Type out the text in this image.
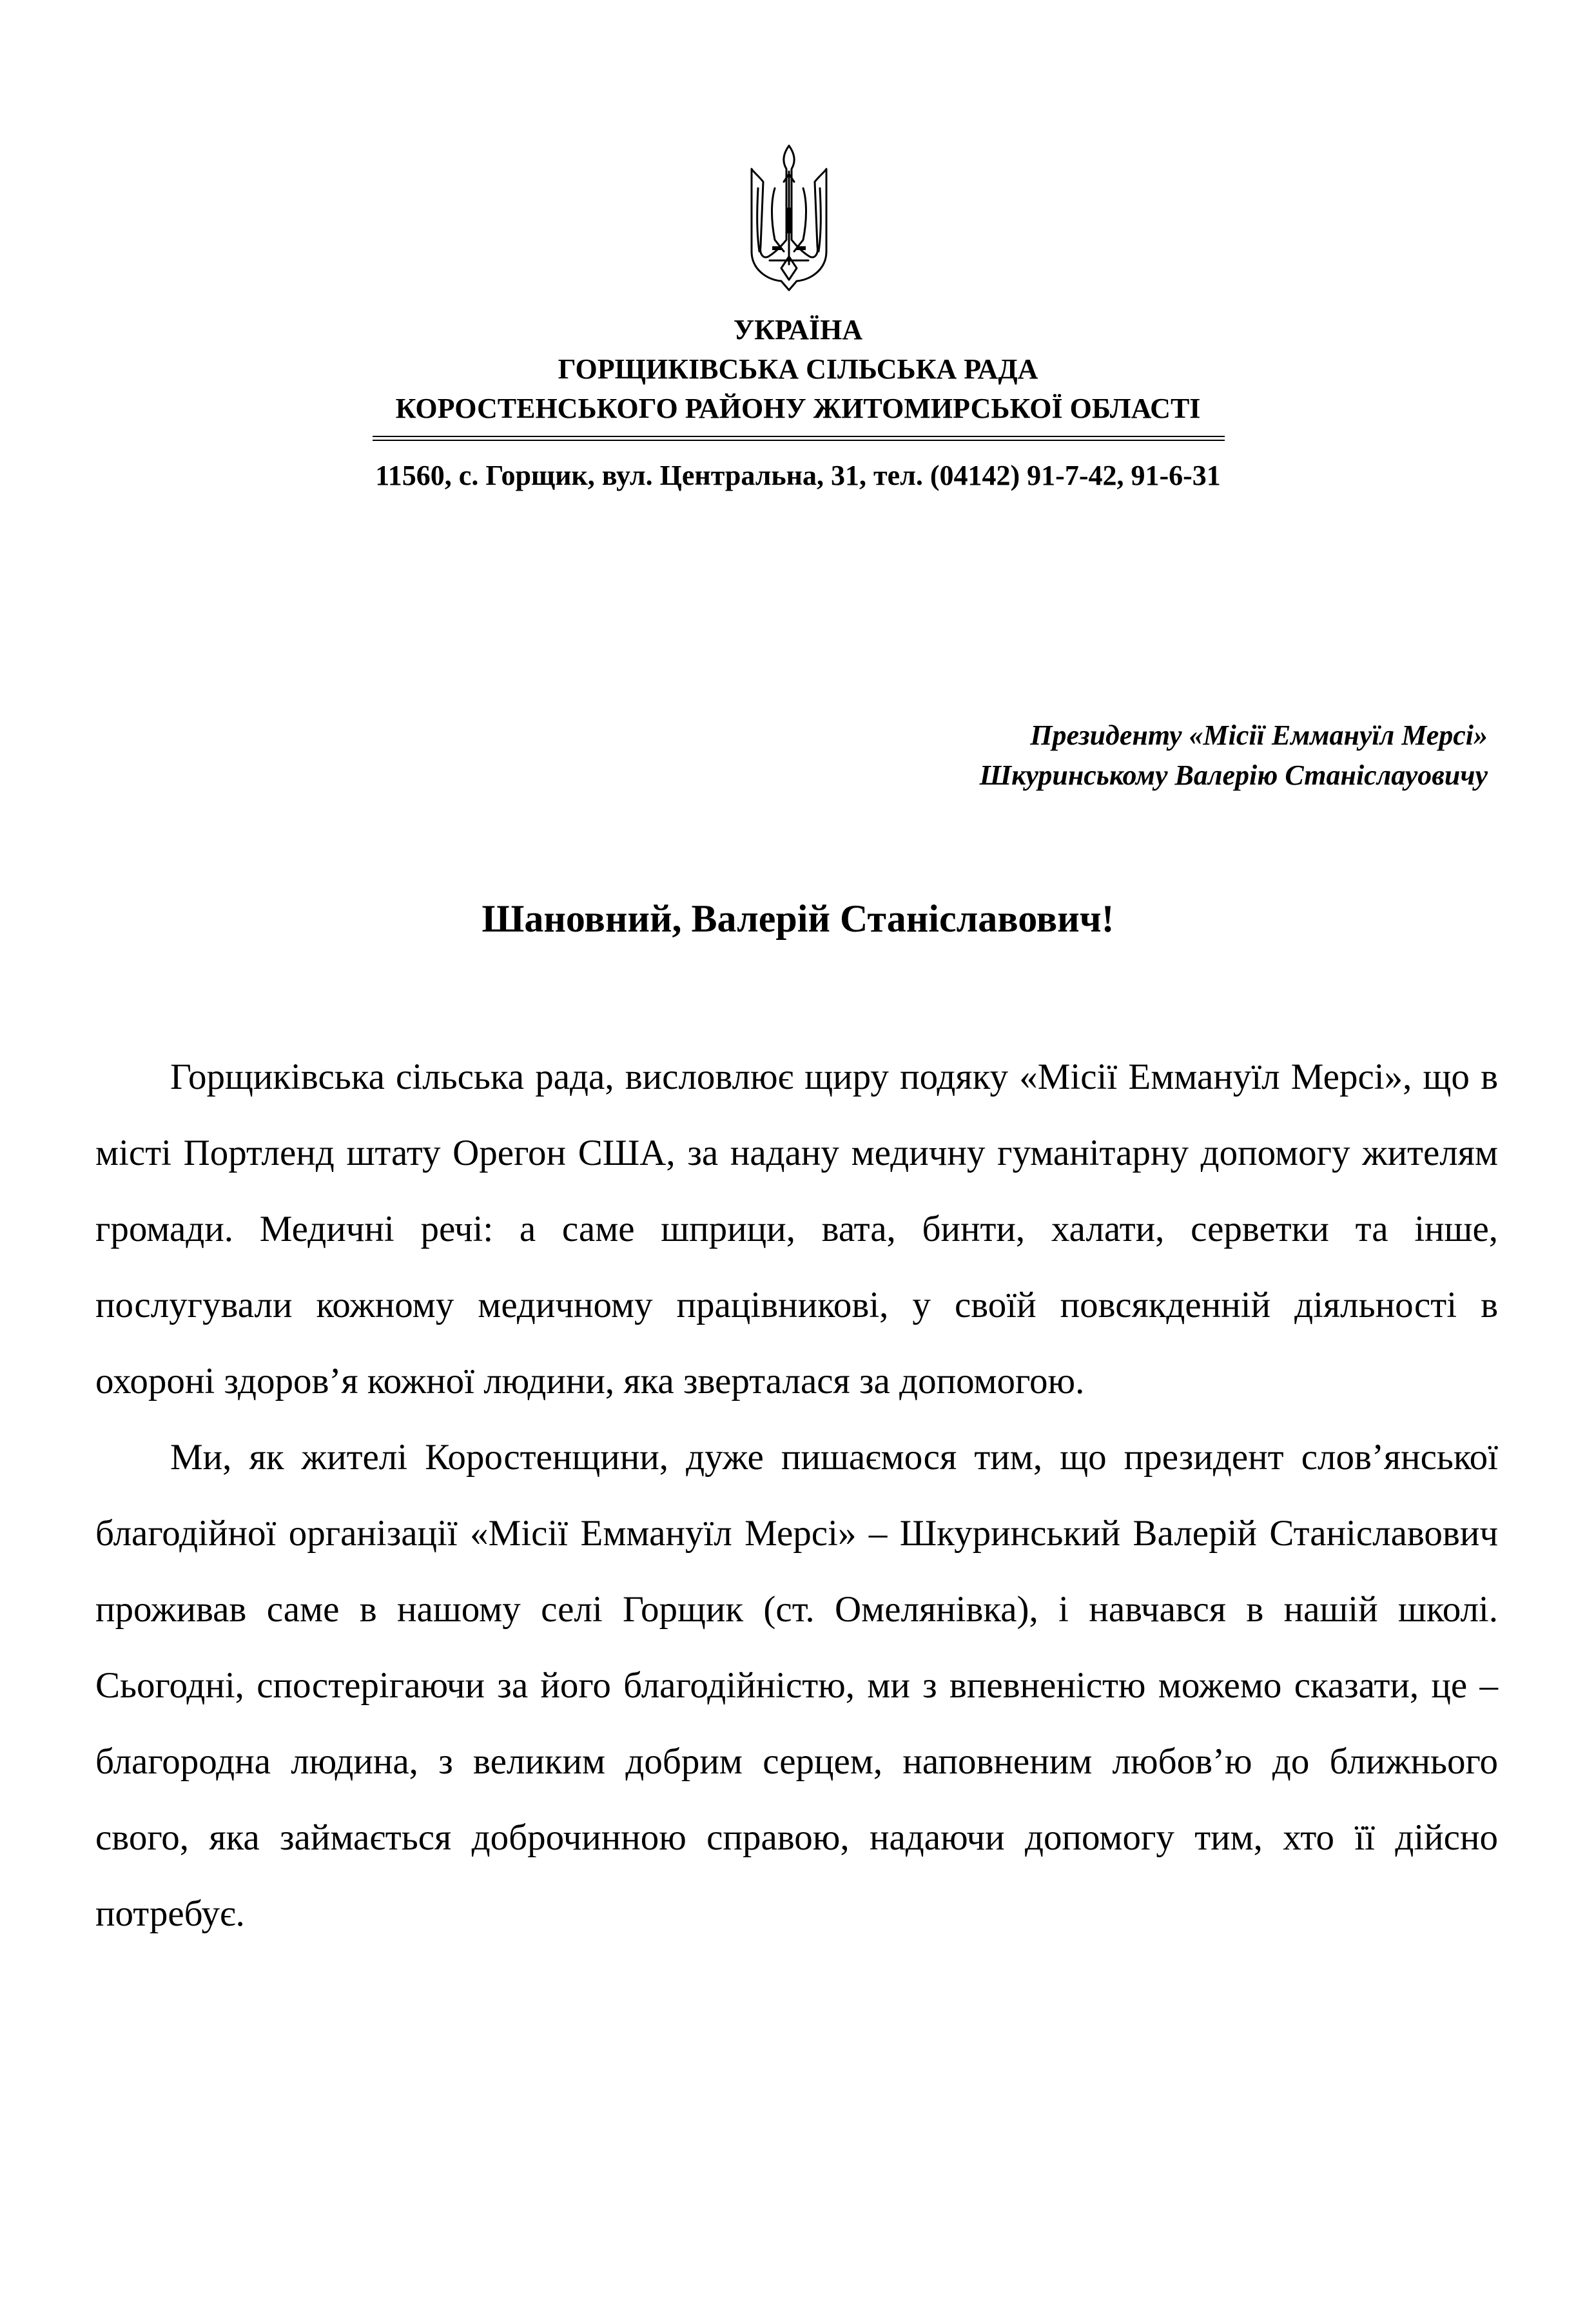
УКРАЇНА
ГОРЩИКІВСЬКА СІЛЬСЬКА РАДА
КОРОСТЕНСЬКОГО РАЙОНУ ЖИТОМИРСЬКОЇ ОБЛАСТІ
11560, с. Горщик, вул. Центральна, 31, тел. (04142) 91-7-42, 91-6-31
Президенту «Місії Еммануїл Мерсі»
Шкуринському Валерію Станіслауовичу
Шановний, Валерій Станіславович!

Горщиківська сільська рада, висловлює щиру подяку «Місії Еммануїл Мерсі», що в місті Портленд штату Орегон США, за надану медичну гуманітарну допомогу жителям громади. Медичні речі: а саме шприци, вата, бинти, халати, серветки та інше, послугували кожному медичному працівникові, у своїй повсякденній діяльності в охороні здоров’я кожної людини, яка зверталася за допомогою.

Ми, як жителі Коростенщини, дуже пишаємося тим, що президент слов’янської благодійної організації «Місії Еммануїл Мерсі» – Шкуринський Валерій Станіславович проживав саме в нашому селі Горщик (ст. Омелянівка), і навчався в нашій школі. Сьогодні, спостерігаючи за його благодійністю, ми з впевненістю можемо сказати, це – благородна людина, з великим добрим серцем, наповненим любов’ю до ближнього свого, яка займається доброчинною справою, надаючи допомогу тим, хто її дійсно потребує.
